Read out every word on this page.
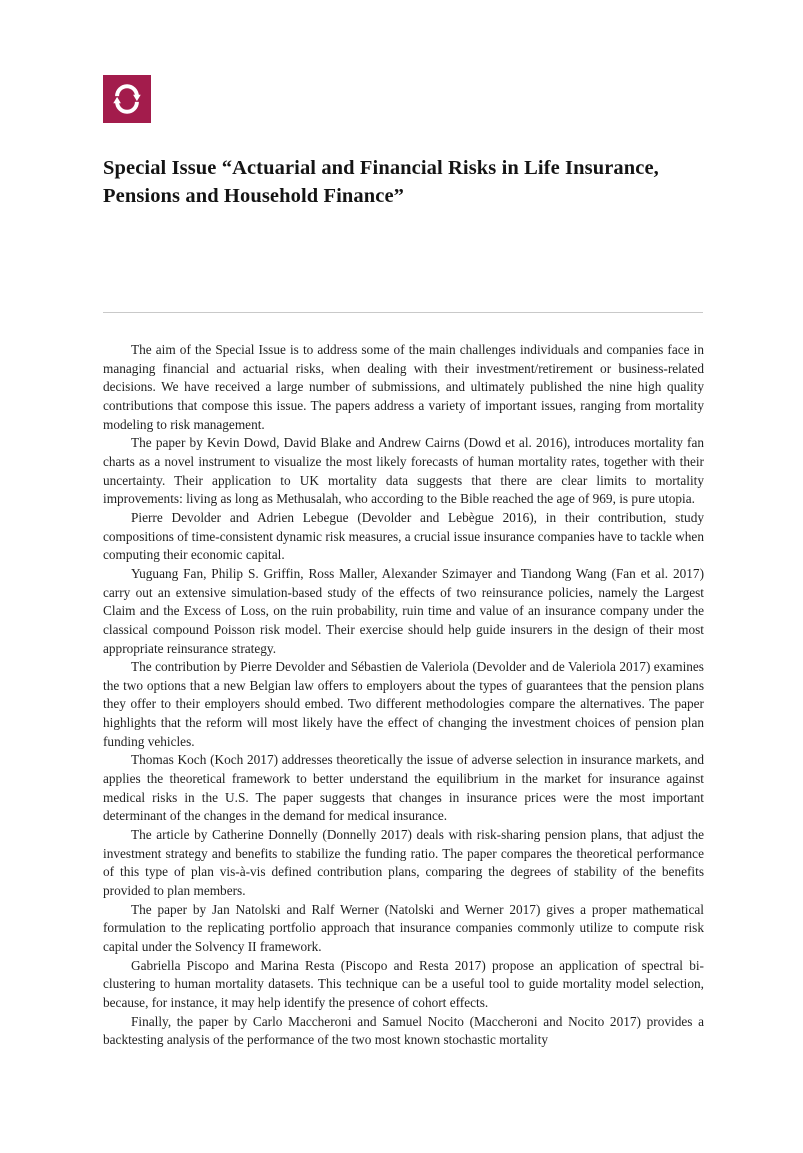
Special Issue “Actuarial and Financial Risks in Life Insurance, Pensions and Household Finance”

The aim of the Special Issue is to address some of the main challenges individuals and companies face in managing financial and actuarial risks, when dealing with their investment/retirement or business-related decisions. We have received a large number of submissions, and ultimately published the nine high quality contributions that compose this issue. The papers address a variety of important issues, ranging from mortality modeling to risk management.

The paper by Kevin Dowd, David Blake and Andrew Cairns (Dowd et al. 2016), introduces mortality fan charts as a novel instrument to visualize the most likely forecasts of human mortality rates, together with their uncertainty. Their application to UK mortality data suggests that there are clear limits to mortality improvements: living as long as Methusalah, who according to the Bible reached the age of 969, is pure utopia.

Pierre Devolder and Adrien Lebegue (Devolder and Lebègue 2016), in their contribution, study compositions of time-consistent dynamic risk measures, a crucial issue insurance companies have to tackle when computing their economic capital.

Yuguang Fan, Philip S. Griffin, Ross Maller, Alexander Szimayer and Tiandong Wang (Fan et al. 2017) carry out an extensive simulation-based study of the effects of two reinsurance policies, namely the Largest Claim and the Excess of Loss, on the ruin probability, ruin time and value of an insurance company under the classical compound Poisson risk model. Their exercise should help guide insurers in the design of their most appropriate reinsurance strategy.

The contribution by Pierre Devolder and Sébastien de Valeriola (Devolder and de Valeriola 2017) examines the two options that a new Belgian law offers to employers about the types of guarantees that the pension plans they offer to their employers should embed. Two different methodologies compare the alternatives. The paper highlights that the reform will most likely have the effect of changing the investment choices of pension plan funding vehicles.

Thomas Koch (Koch 2017) addresses theoretically the issue of adverse selection in insurance markets, and applies the theoretical framework to better understand the equilibrium in the market for insurance against medical risks in the U.S. The paper suggests that changes in insurance prices were the most important determinant of the changes in the demand for medical insurance.

The article by Catherine Donnelly (Donnelly 2017) deals with risk-sharing pension plans, that adjust the investment strategy and benefits to stabilize the funding ratio. The paper compares the theoretical performance of this type of plan vis-à-vis defined contribution plans, comparing the degrees of stability of the benefits provided to plan members.

The paper by Jan Natolski and Ralf Werner (Natolski and Werner 2017) gives a proper mathematical formulation to the replicating portfolio approach that insurance companies commonly utilize to compute risk capital under the Solvency II framework.

Gabriella Piscopo and Marina Resta (Piscopo and Resta 2017) propose an application of spectral bi-clustering to human mortality datasets. This technique can be a useful tool to guide mortality model selection, because, for instance, it may help identify the presence of cohort effects.

Finally, the paper by Carlo Maccheroni and Samuel Nocito (Maccheroni and Nocito 2017) provides a backtesting analysis of the performance of the two most known stochastic mortality
